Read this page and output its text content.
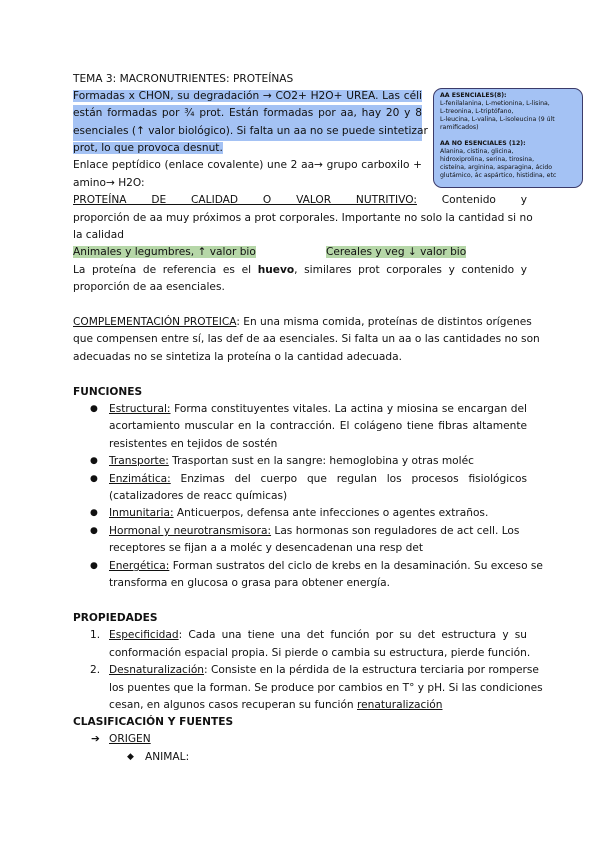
TEMA 3: MACRONUTRIENTES: PROTEÍNAS
Formadas x CHON, su degradación → CO2+ H2O+ UREA. Las céli
están formadas por ¾ prot. Están formadas por aa, hay 20 y 8
esenciales (↑ valor biológico). Si falta un aa no se puede sintetizar
prot, lo que provoca desnut.
Enlace peptídico (enlace covalente) une 2 aa→ grupo carboxilo +
amino→ H2O:

AA ESENCIALES(8):

L-fenilalanina, L-metionina, L-lisina,

L-treonina, L-triptófano,

L-leucina, L-valina, L-isoleucina (9 últ

ramificados)

AA NO ESENCIALES (12):

Alanina, cistina, glicina,

hidroxiprolina, serina, tirosina,

cisteína, arginina, asparagina, ácido

glutámico, ác aspártico, histidina, etc

PROTEÍNA DE CALIDAD O VALOR NUTRITIVO: Contenido y
proporción de aa muy próximos a prot corporales. Importante no solo la cantidad si no
la calidad
Animales y legumbres, ↑ valor bio	Cereales y veg ↓ valor bio
La proteína de referencia es el huevo, similares prot corporales y contenido y
proporción de aa esenciales.
COMPLEMENTACIÓN PROTEICA: En una misma comida, proteínas de distintos orígenes
que compensen entre sí, las def de aa esenciales. Si falta un aa o las cantidades no son
adecuadas no se sintetiza la proteína o la cantidad adecuada.
FUNCIONES
● Estructural: Forma constituyentes vitales. La actina y miosina se encargan del
acortamiento muscular en la contracción. El colágeno tiene fibras altamente
resistentes en tejidos de sostén
● Transporte: Trasportan sust en la sangre: hemoglobina y otras moléc
● Enzimática: Enzimas del cuerpo que regulan los procesos fisiológicos
(catalizadores de reacc químicas)
● Inmunitaria: Anticuerpos, defensa ante infecciones o agentes extraños.
● Hormonal y neurotransmisora: Las hormonas son reguladores de act cell. Los
receptores se fijan a a moléc y desencadenan una resp det
● Energética: Forman sustratos del ciclo de krebs en la desaminación. Su exceso se
transforma en glucosa o grasa para obtener energía.
PROPIEDADES
1. Especificidad: Cada una tiene una det función por su det estructura y su
conformación espacial propia. Si pierde o cambia su estructura, pierde función.
2. Desnaturalización: Consiste en la pérdida de la estructura terciaria por romperse
los puentes que la forman. Se produce por cambios en T° y pH. Si las condiciones
cesan, en algunos casos recuperan su función renaturalización
CLASIFICACIÓN Y FUENTES
➔ ORIGEN
◆ ANIMAL:
